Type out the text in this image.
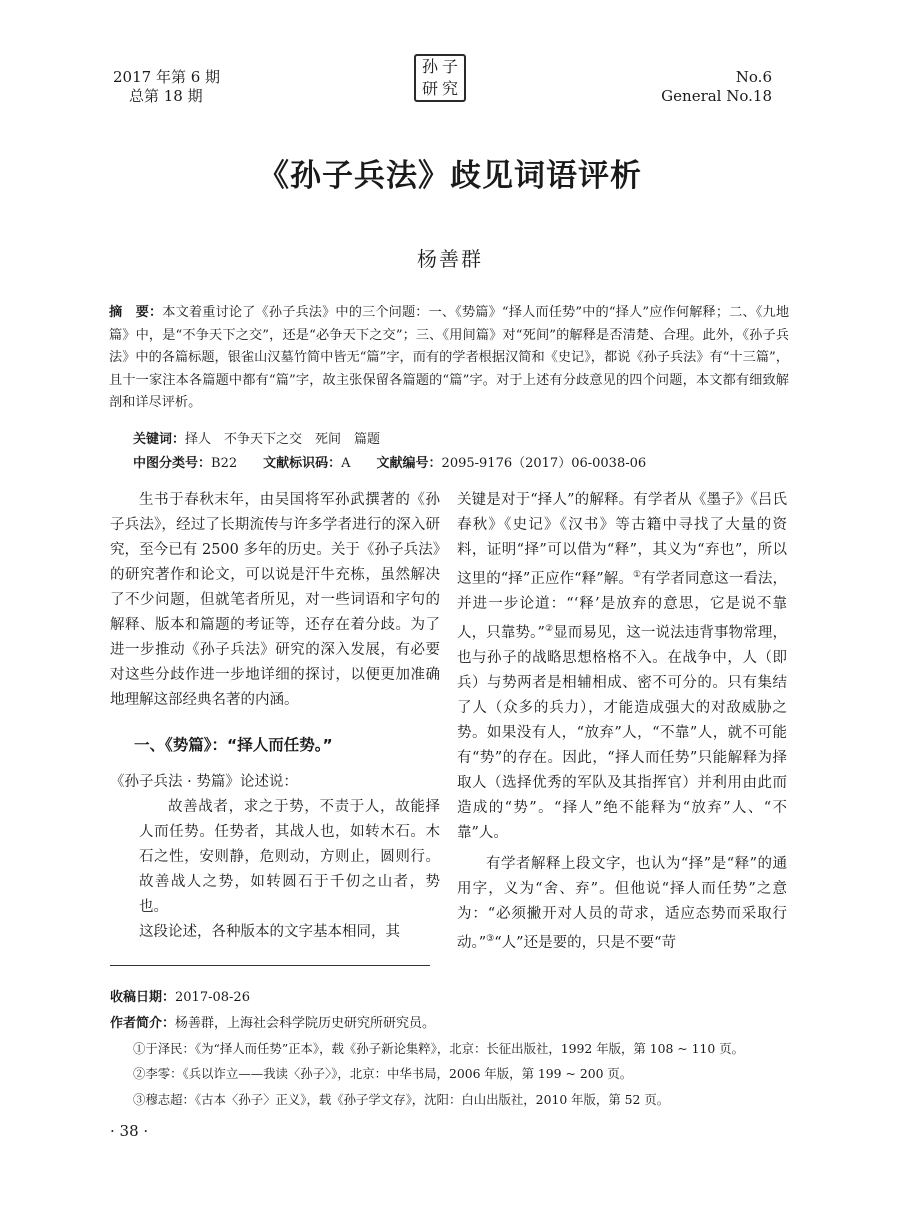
2017 年第 6 期
总第 18 期
孙 子
研 究
No.6
General No.18
《孙子兵法》歧见词语评析
杨善群
摘　要：本文着重讨论了《孙子兵法》中的三个问题：一、《势篇》“择人而任势”中的“择人”应作何解释；二、《九地篇》中，是“不争天下之交”，还是“必争天下之交”；三、《用间篇》对“死间”的解释是否清楚、合理。此外，《孙子兵法》中的各篇标题，银雀山汉墓竹简中皆无“篇”字，而有的学者根据汉简和《史记》，都说《孙子兵法》有“十三篇”，且十一家注本各篇题中都有“篇”字，故主张保留各篇题的“篇”字。对于上述有分歧意见的四个问题，本文都有细致解剖和详尽评析。
关键词：择人　不争天下之交　死间　篇题
中图分类号：B22 文献标识码：A 文献编号：2095-9176（2017）06-0038-06

生书于春秋末年，由吴国将军孙武撰著的《孙子兵法》，经过了长期流传与许多学者进行的深入研究，至今已有 2500 多年的历史。关于《孙子兵法》的研究著作和论文，可以说是汗牛充栋，虽然解决了不少问题，但就笔者所见，对一些词语和字句的解释、版本和篇题的考证等，还存在着分歧。为了进一步推动《孙子兵法》研究的深入发展，有必要对这些分歧作进一步地详细的探讨，以便更加准确地理解这部经典名著的内涵。

一、《势篇》：“择人而任势。”

《孙子兵法 · 势篇》论述说：

故善战者，求之于势，不责于人，故能择人而任势。任势者，其战人也，如转木石。木石之性，安则静，危则动，方则止，圆则行。故善战人之势，如转圆石于千仞之山者，势也。

这段论述，各种版本的文字基本相同，其

关键是对于“择人”的解释。有学者从《墨子》《吕氏春秋》《史记》《汉书》等古籍中寻找了大量的资料，证明“择”可以借为“释”，其义为“弃也”，所以这里的“择”正应作“释”解。①有学者同意这一看法，并进一步论道：“‘释’是放弃的意思，它是说不靠人，只靠势。”②显而易见，这一说法违背事物常理，也与孙子的战略思想格格不入。在战争中，人（即兵）与势两者是相辅相成、密不可分的。只有集结了人（众多的兵力），才能造成强大的对敌威胁之势。如果没有人，“放弃”人，“不靠”人，就不可能有“势”的存在。因此，“择人而任势”只能解释为择取人（选择优秀的军队及其指挥官）并利用由此而造成的“势”。“择人”绝不能释为“放弃”人、“不靠”人。

有学者解释上段文字，也认为“择”是“释”的通用字，义为“舍、弃”。但他说“择人而任势”之意为：“必须撇开对人员的苛求，适应态势而采取行动。”③“人”还是要的，只是不要“苛

收稿日期：2017-08-26
作者简介：杨善群，上海社会科学院历史研究所研究员。
①于泽民：《为“择人而任势”正本》，载《孙子新论集粹》，北京：长征出版社，1992 年版，第 108 ~ 110 页。
②李零：《兵以诈立——我读〈孙子〉》，北京：中华书局，2006 年版，第 199 ~ 200 页。
③穆志超：《古本〈孙子〉正义》，载《孙子学文存》，沈阳：白山出版社，2010 年版，第 52 页。
· 38 ·
